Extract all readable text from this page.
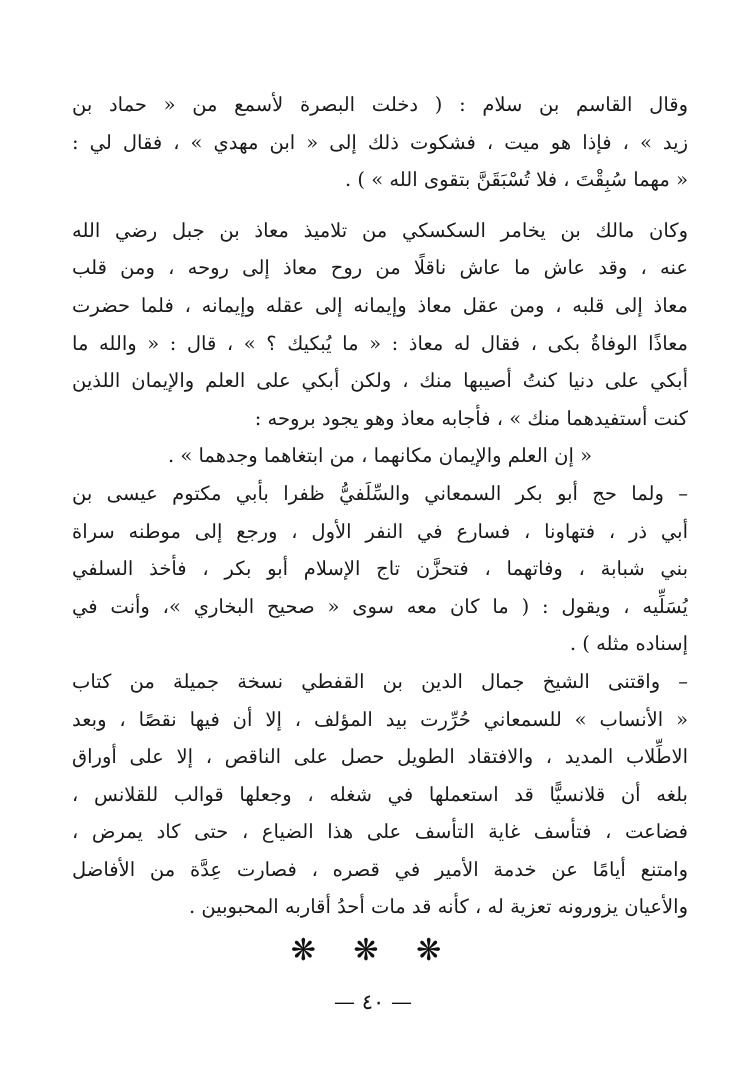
وقال القاسم بن سلام : ( دخلت البصرة لأسمع من « حماد بن
زيد » ، فإذا هو ميت ، فشكوت ذلك إلى « ابن مهدي » ، فقال لي :
« مهما سُبِقْتَ ، فلا تُسْبَقَنَّ بتقوى الله » ) .
وكان مالك بن يخامر السكسكي من تلاميذ معاذ بن جبل رضي الله
عنه ، وقد عاش ما عاش ناقلًا من روح معاذ إلى روحه ، ومن قلب
معاذ إلى قلبه ، ومن عقل معاذ وإيمانه إلى عقله وإيمانه ، فلما حضرت
معاذًا الوفاةُ بكى ، فقال له معاذ : « ما يُبكيك ؟ » ، قال : « والله ما
أبكي على دنيا كنتُ أصيبها منك ، ولكن أبكي على العلم والإيمان اللذين
كنت أستفيدهما منك » ، فأجابه معاذ وهو يجود بروحه :
« إن العلم والإيمان مكانهما ، من ابتغاهما وجدهما » .
– ولما حج أبو بكر السمعاني والسِّلَفيُّ ظفرا بأبي مكتوم عيسى بن
أبي ذر ، فتهاونا ، فسارع في النفر الأول ، ورجع إلى موطنه سراة
بني شبابة ، وفاتهما ، فتحزَّن تاج الإسلام أبو بكر ، فأخذ السلفي
يُسَلِّيه ، ويقول : ( ما كان معه سوى « صحيح البخاري »، وأنت في
إسناده مثله ) .
– واقتنى الشيخ جمال الدين بن القفطي نسخة جميلة من كتاب
« الأنساب » للسمعاني حُرِّرت بيد المؤلف ، إلا أن فيها نقصًا ، وبعد
الاطِّلاب المديد ، والافتقاد الطويل حصل على الناقص ، إلا على أوراق
بلغه أن قلانسيًّا قد استعملها في شغله ، وجعلها قوالب للقلانس ،
فضاعت ، فتأسف غاية التأسف على هذا الضياع ، حتى كاد يمرض ،
وامتنع أيامًا عن خدمة الأمير في قصره ، فصارت عِدَّة من الأفاضل
والأعيان يزورونه تعزية له ، كأنه قد مات أحدُ أقاربه المحبوبين .
❋ ❋ ❋
— ٤٠ —
